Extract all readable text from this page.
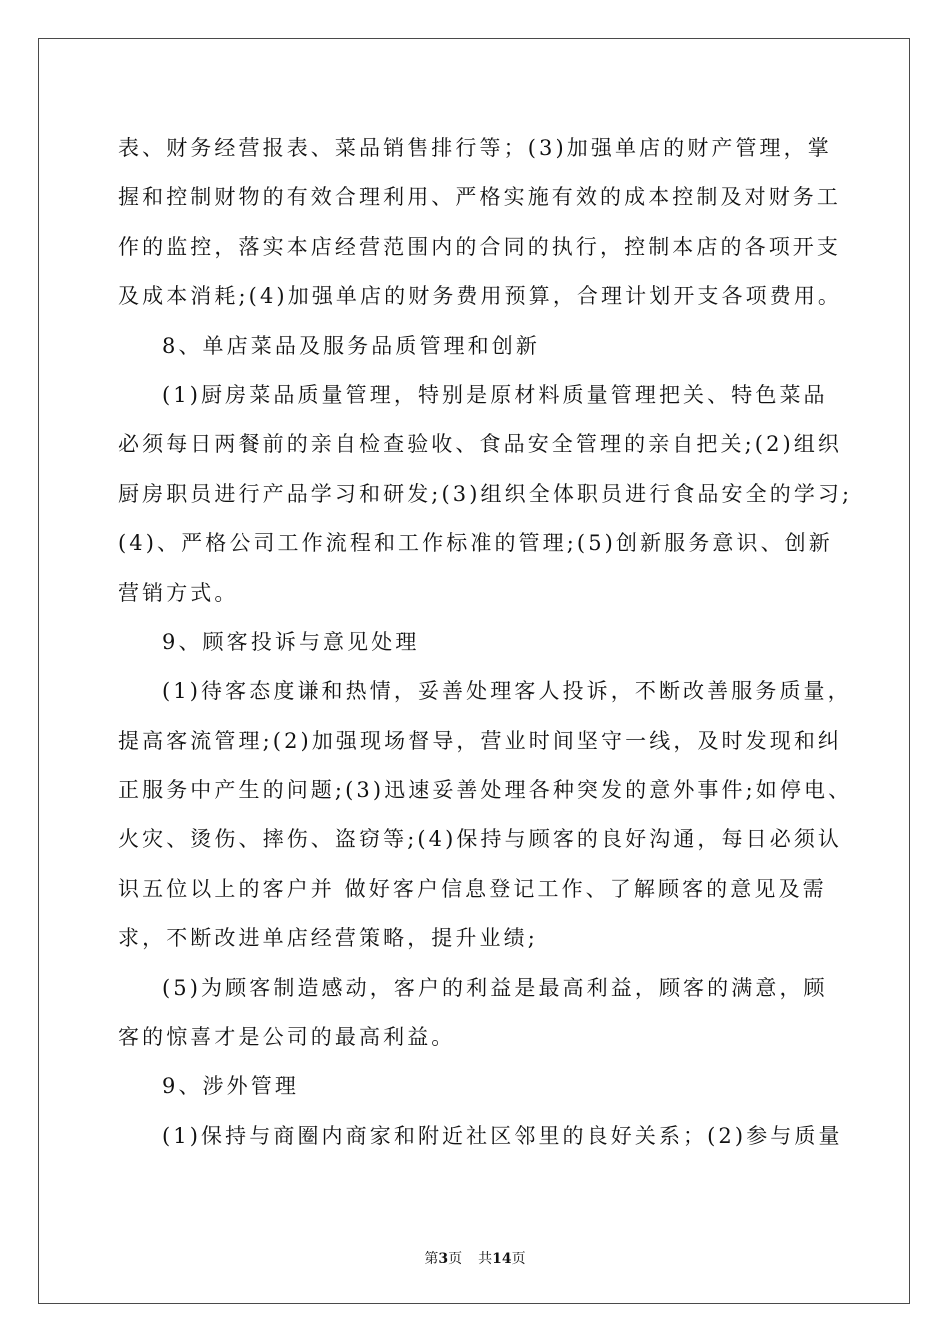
表、财务经营报表、菜品销售排行等；(3)加强单店的财产管理，掌
握和控制财物的有效合理利用、严格实施有效的成本控制及对财务工
作的监控，落实本店经营范围内的合同的执行，控制本店的各项开支
及成本消耗;(4)加强单店的财务费用预算，合理计划开支各项费用。
8、单店菜品及服务品质管理和创新
(1)厨房菜品质量管理，特别是原材料质量管理把关、特色菜品
必须每日两餐前的亲自检查验收、食品安全管理的亲自把关;(2)组织
厨房职员进行产品学习和研发;(3)组织全体职员进行食品安全的学习;
(4)、严格公司工作流程和工作标准的管理;(5)创新服务意识、创新
营销方式。
9、顾客投诉与意见处理
(1)待客态度谦和热情，妥善处理客人投诉，不断改善服务质量，
提高客流管理;(2)加强现场督导，营业时间坚守一线，及时发现和纠
正服务中产生的问题;(3)迅速妥善处理各种突发的意外事件;如停电、
火灾、烫伤、摔伤、盗窃等;(4)保持与顾客的良好沟通，每日必须认
识五位以上的客户并 做好客户信息登记工作、了解顾客的意见及需
求，不断改进单店经营策略，提升业绩;
(5)为顾客制造感动，客户的利益是最高利益，顾客的满意，顾
客的惊喜才是公司的最高利益。
9、涉外管理
(1)保持与商圈内商家和附近社区邻里的良好关系；(2)参与质量
第3页 共14页
